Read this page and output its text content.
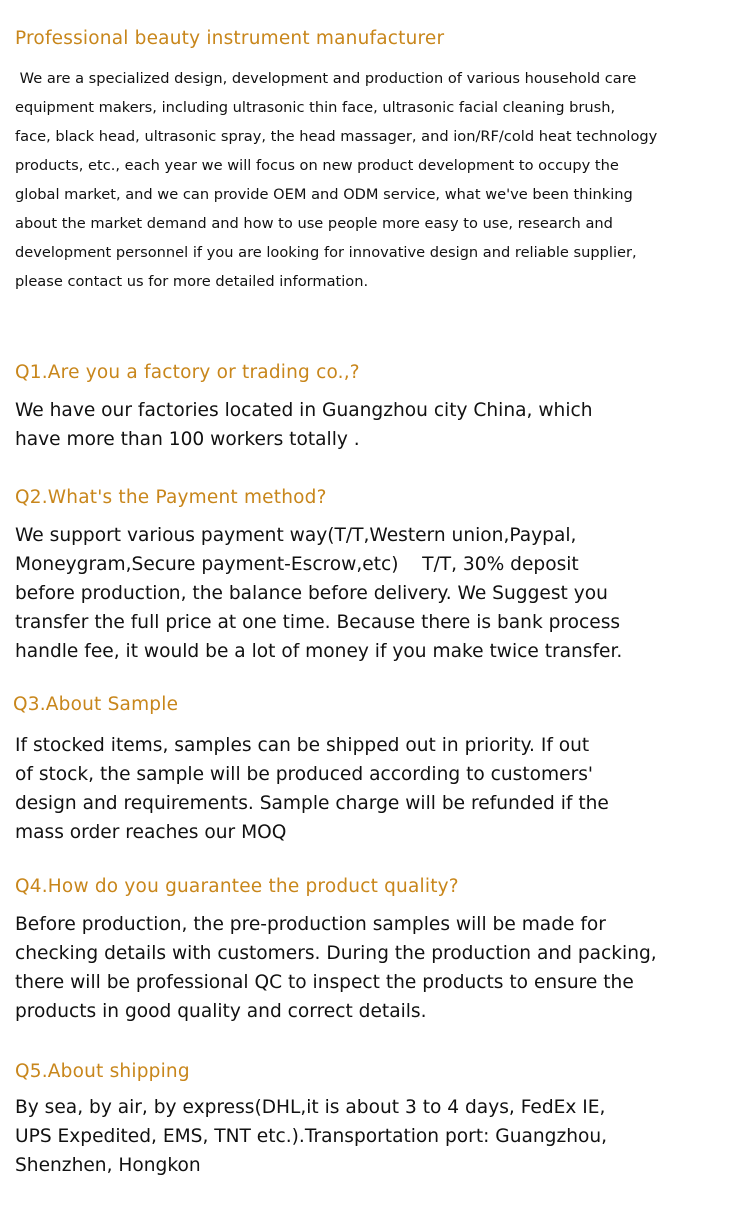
Professional beauty instrument manufacturer
We are a specialized design, development and production of various household care
equipment makers, including ultrasonic thin face, ultrasonic facial cleaning brush,
face, black head, ultrasonic spray, the head massager, and ion/RF/cold heat technology
products, etc., each year we will focus on new product development to occupy the
global market, and we can provide OEM and ODM service, what we've been thinking
about the market demand and how to use people more easy to use, research and
development personnel if you are looking for innovative design and reliable supplier,
please contact us for more detailed information.
Q1.Are you a factory or trading co.,?
We have our factories located in Guangzhou city China, which
have more than 100 workers totally .
Q2.What's the Payment method?
We support various payment way(T/T,Western union,Paypal,
Moneygram,Secure payment-Escrow,etc)    T/T, 30% deposit
before production, the balance before delivery. We Suggest you
transfer the full price at one time. Because there is bank process
handle fee, it would be a lot of money if you make twice transfer.
Q3.About Sample
If stocked items, samples can be shipped out in priority. If out
of stock, the sample will be produced according to customers'
design and requirements. Sample charge will be refunded if the
mass order reaches our MOQ
Q4.How do you guarantee the product quality?
Before production, the pre-production samples will be made for
checking details with customers. During the production and packing,
there will be professional QC to inspect the products to ensure the
products in good quality and correct details.
Q5.About shipping
By sea, by air, by express(DHL,it is about 3 to 4 days, FedEx IE,
UPS Expedited, EMS, TNT etc.).Transportation port: Guangzhou,
Shenzhen, Hongkon
